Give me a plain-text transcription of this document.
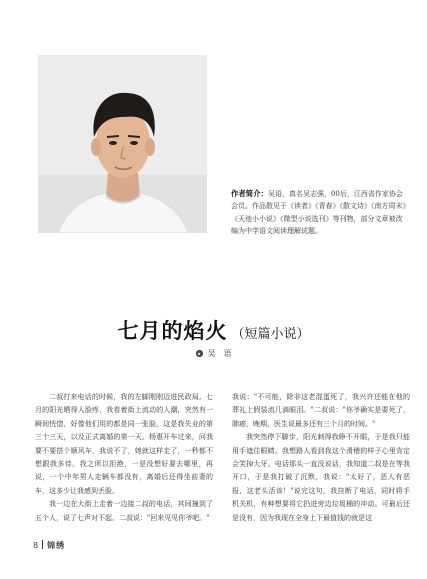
作者简介：吴语，真名吴志强，00后，江西省作家协会会员。作品散见于《读者》《青春》《散文诗》《南方周末》《天池小小说》《微型小说选刊》等刊物，部分文章被改编为中学语文阅读理解试题。
七月的焰火 （短篇小说）
吴　语

二叔打来电话的时候，我的左脚刚刚迈进民政局。七月的阳光晒得人脸疼，我看着街上流动的人潮，突然有一瞬间恍惚，好像他们用的都是同一张脸。这是我失业的第三十三天，以及正式离婚的第一天。杨惠开车过来，问我要不要搭个顺风车，我说不了，她就这样走了，一秒都不想跟我多待。我之所以拒绝，一是没想好要去哪里，再说，一个中年男人走辆车都没有，离婚后还得坐前妻的车，这多少让我感到丢脸。

我一边在大街上走着一边接二叔的电话，其间撞到了五个人，说了七声对不起。二叔说："回来见见你爷吧。"

我说："不可能，除非这老混蛋死了，我兴许还能在他的葬礼上假装流几滴眼泪。"二叔说："你爷确实是要死了，肺癌，晚期，医生说最多还有三个月的时间。"

我突然停下脚步，阳光刺得我睁不开眼，于是我只能用手遮住眼睛。我想路人看到我这个滑稽的样子心里肯定会笑掉大牙。电话那头一直没说话，我知道二叔是在等我开口，于是我打破了沉默，我说："太好了，恶人有恶报，这老头活该！"说完这句，我挂断了电话，同时将手机关机，有种想要将它扔进旁边垃圾桶的冲动。可最后还是没有，因为我现在全身上下最值钱的就是这

8 锦绣
